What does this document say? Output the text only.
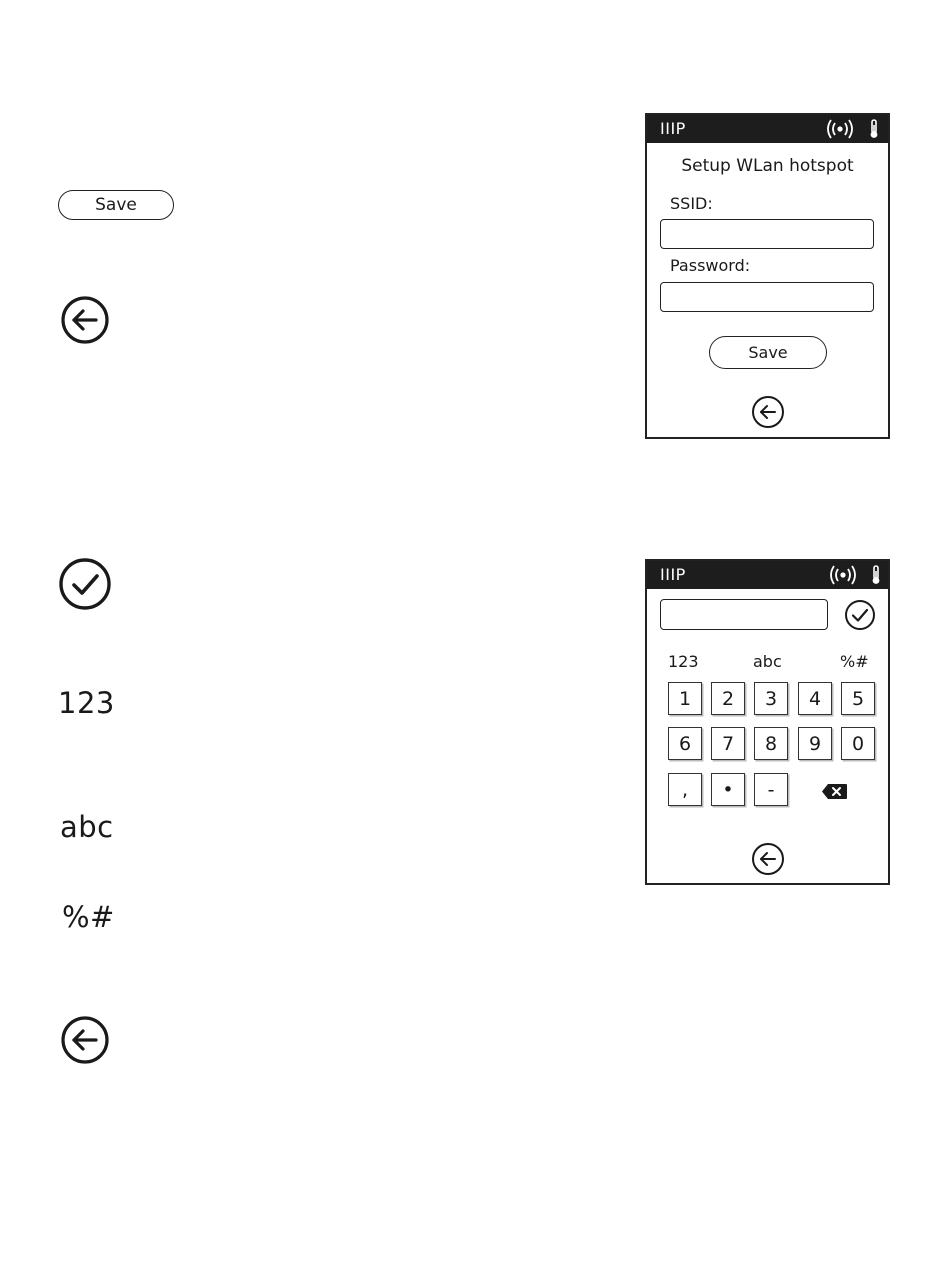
Save
123
abc
%#
IIIP
Setup WLan hotspot
SSID:
Password:
Save
IIIP
123	abc	%#
1	2	3	4	5
6	7	8	9	0
,	•	-
